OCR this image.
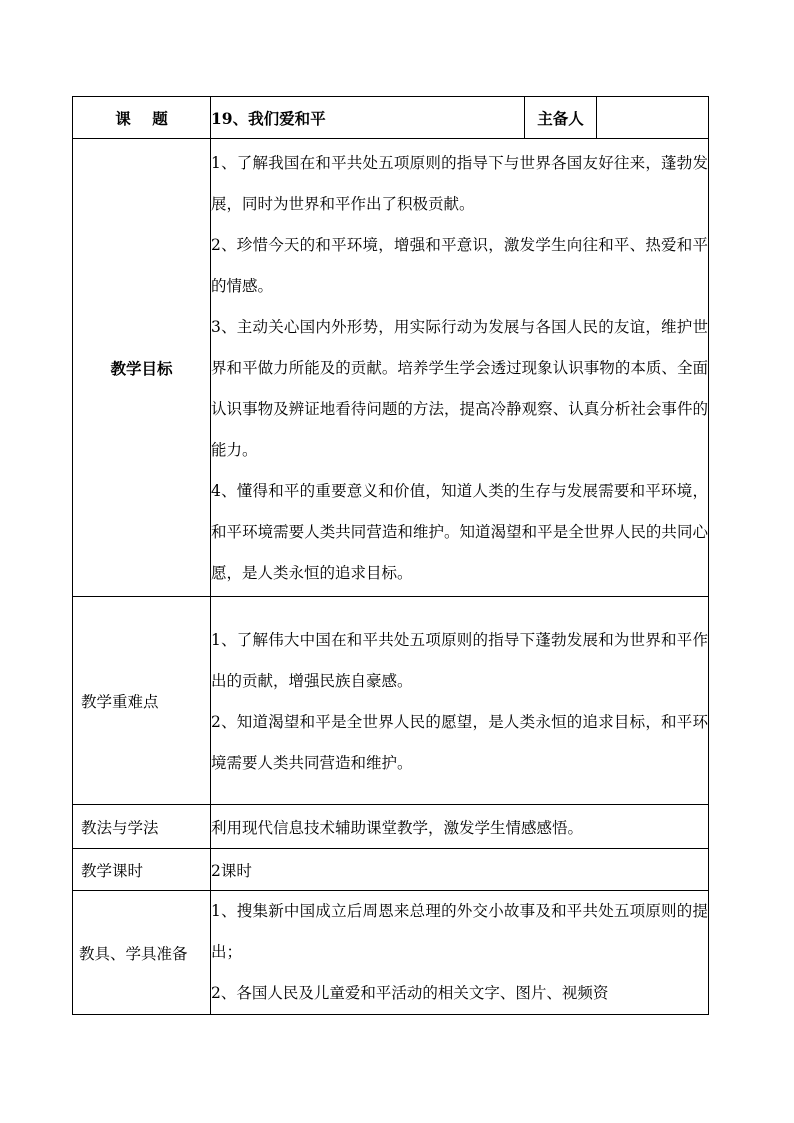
课    题	19、我们爱和平	主备人	
教学目标	1、了解我国在和平共处五项原则的指导下与世界各国友好往来，蓬勃发展，同时为世界和平作出了积极贡献。

2、珍惜今天的和平环境，增强和平意识，激发学生向往和平、热爱和平的情感。

3、主动关心国内外形势，用实际行动为发展与各国人民的友谊，维护世界和平做力所能及的贡献。培养学生学会透过现象认识事物的本质、全面认识事物及辨证地看待问题的方法，提高冷静观察、认真分析社会事件的能力。

4、懂得和平的重要意义和价值，知道人类的生存与发展需要和平环境，和平环境需要人类共同营造和维护。知道渴望和平是全世界人民的共同心愿，是人类永恒的追求目标。		

教学重难点	1、了解伟大中国在和平共处五项原则的指导下蓬勃发展和为世界和平作出的贡献，增强民族自豪感。

2、知道渴望和平是全世界人民的愿望，是人类永恒的追求目标，和平环境需要人类共同营造和维护。		

教法与学法	利用现代信息技术辅助课堂教学，激发学生情感感悟。		
教学课时	2课时		
教具、学具准备	1、搜集新中国成立后周恩来总理的外交小故事及和平共处五项原则的提出；

2、各国人民及儿童爱和平活动的相关文字、图片、视频资		
